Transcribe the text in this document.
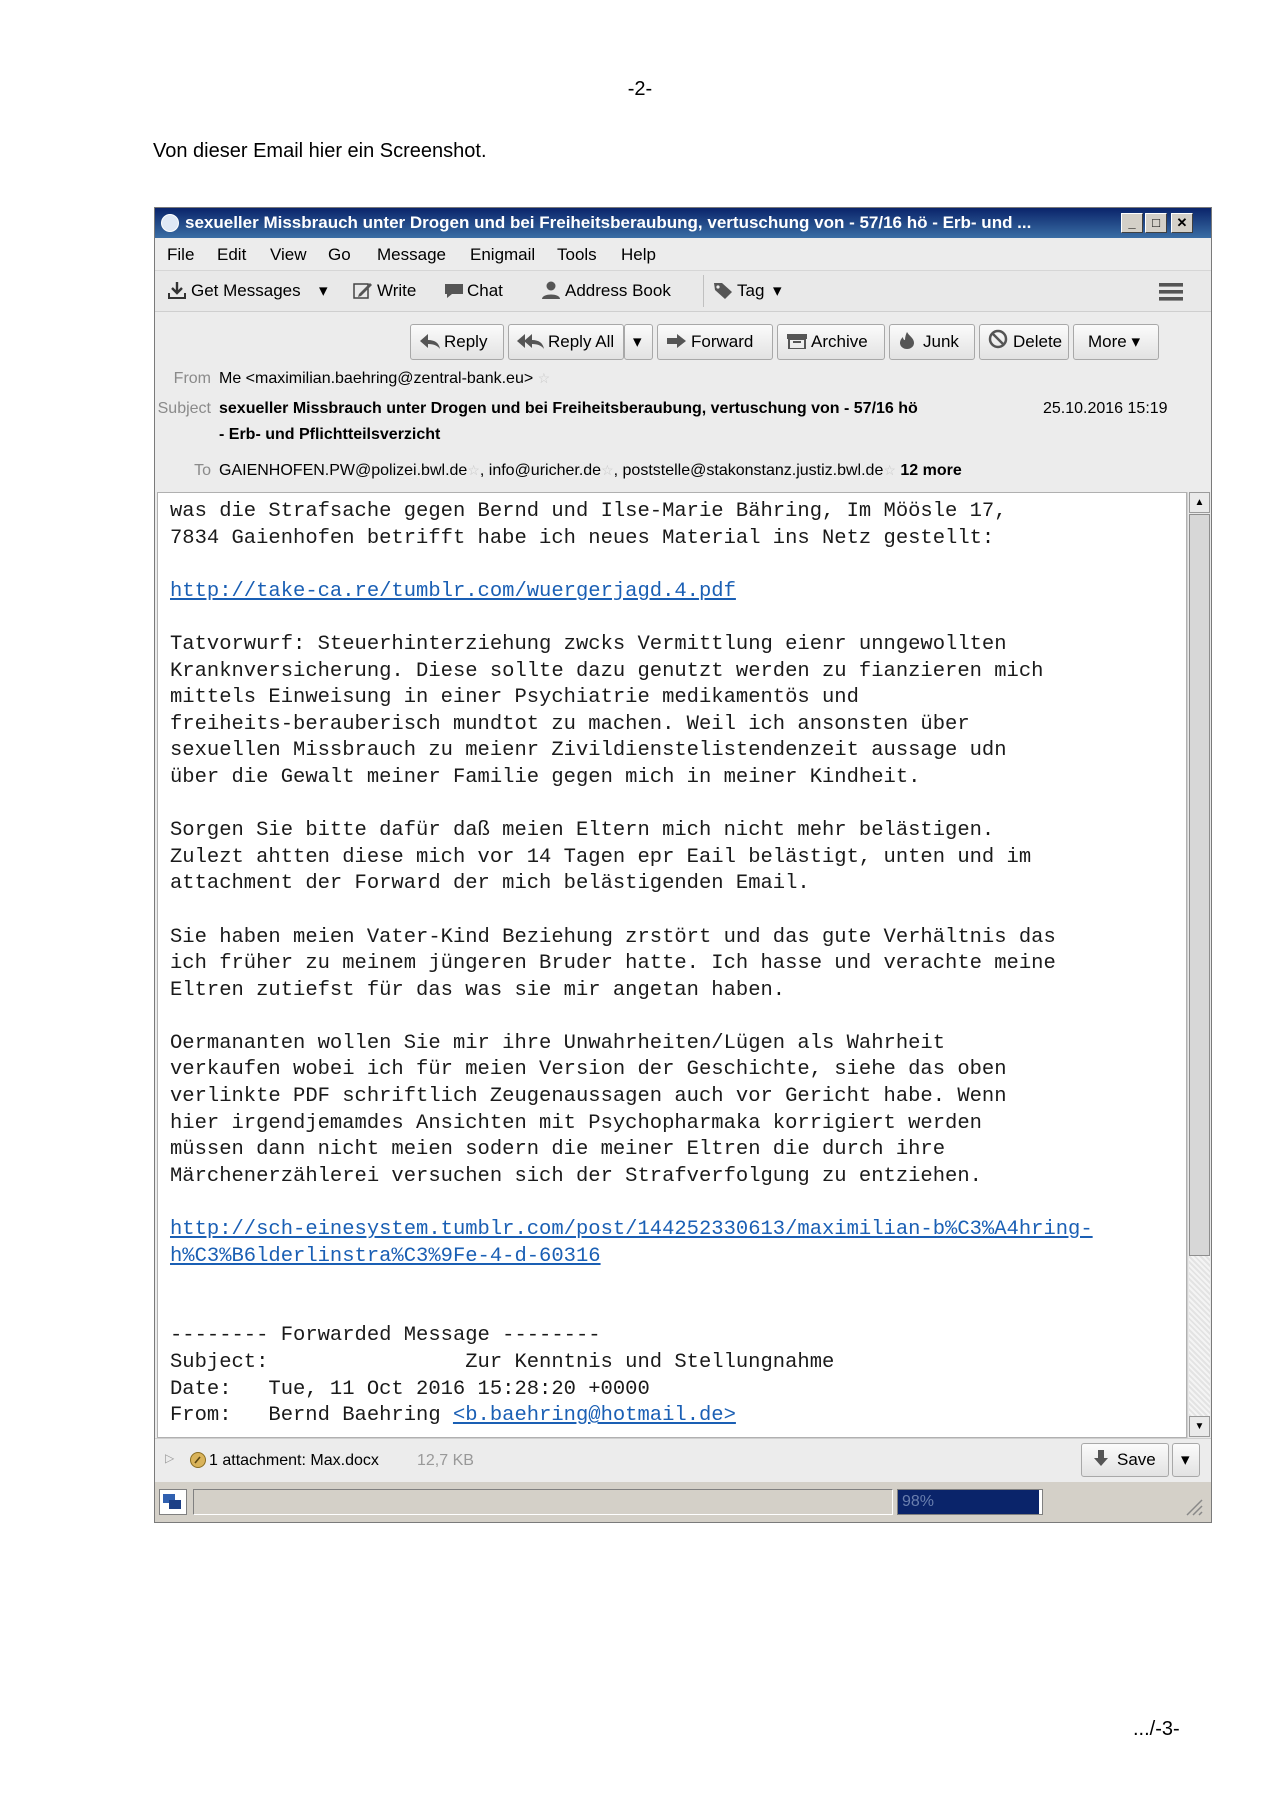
-2-
Von dieser Email hier ein Screenshot.
sexueller Missbrauch unter Drogen und bei Freiheitsberaubung, vertuschung von - 57/16 hö - Erb- und ...	_	□	✕
File Edit View Go Message Enigmail Tools Help
Get Messages ▾	Write	Chat	Address Book	Tag ▾
Reply	Reply All	▾	Forward	Archive	Junk	Delete	More ▾
From Me <maximilian.baehring@zentral-bank.eu> ☆
Subject sexueller Missbrauch unter Drogen und bei Freiheitsberaubung, vertuschung von - 57/16 hö	25.10.2016 15:19
- Erb- und Pflichtteilsverzicht
To GAIENHOFEN.PW@polizei.bwl.de☆, info@uricher.de☆, poststelle@stakonstanz.justiz.bwl.de☆ 12 more
was die Strafsache gegen Bernd und Ilse-Marie Bähring, Im Möösle 17,
7834 Gaienhofen betrifft habe ich neues Material ins Netz gestellt:

http://take-ca.re/tumblr.com/wuergerjagd.4.pdf

Tatvorwurf: Steuerhinterziehung zwcks Vermittlung eienr unngewollten
Kranknversicherung. Diese sollte dazu genutzt werden zu fianzieren mich
mittels Einweisung in einer Psychiatrie medikamentös und
freiheits-berauberisch mundtot zu machen. Weil ich ansonsten über
sexuellen Missbrauch zu meienr Zivildienstelistendenzeit aussage udn
über die Gewalt meiner Familie gegen mich in meiner Kindheit.

Sorgen Sie bitte dafür daß meien Eltern mich nicht mehr belästigen.
Zulezt ahtten diese mich vor 14 Tagen epr Eail belästigt, unten und im
attachment der Forward der mich belästigenden Email.

Sie haben meien Vater-Kind Beziehung zrstört und das gute Verhältnis das
ich früher zu meinem jüngeren Bruder hatte. Ich hasse und verachte meine
Eltren zutiefst für das was sie mir angetan haben.

Oermananten wollen Sie mir ihre Unwahrheiten/Lügen als Wahrheit
verkaufen wobei ich für meien Version der Geschichte, siehe das oben
verlinkte PDF schriftlich Zeugenaussagen auch vor Gericht habe. Wenn
hier irgendjemamdes Ansichten mit Psychopharmaka korrigiert werden
müssen dann nicht meien sodern die meiner Eltren die durch ihre
Märchenerzählerei versuchen sich der Strafverfolgung zu entziehen.

http://sch-einesystem.tumblr.com/post/144252330613/maximilian-b%C3%A4hring-
h%C3%B6lderlinstra%C3%9Fe-4-d-60316

-------- Forwarded Message --------
Subject:	Zur Kenntnis und Stellungnahme
Date: Tue, 11 Oct 2016 15:28:20 +0000
From: Bernd Baehring <b.baehring@hotmail.de>
▲
▼
▷ 1 attachment: Max.docx 12,7 KB	Save	▾
98%
.../-3-
